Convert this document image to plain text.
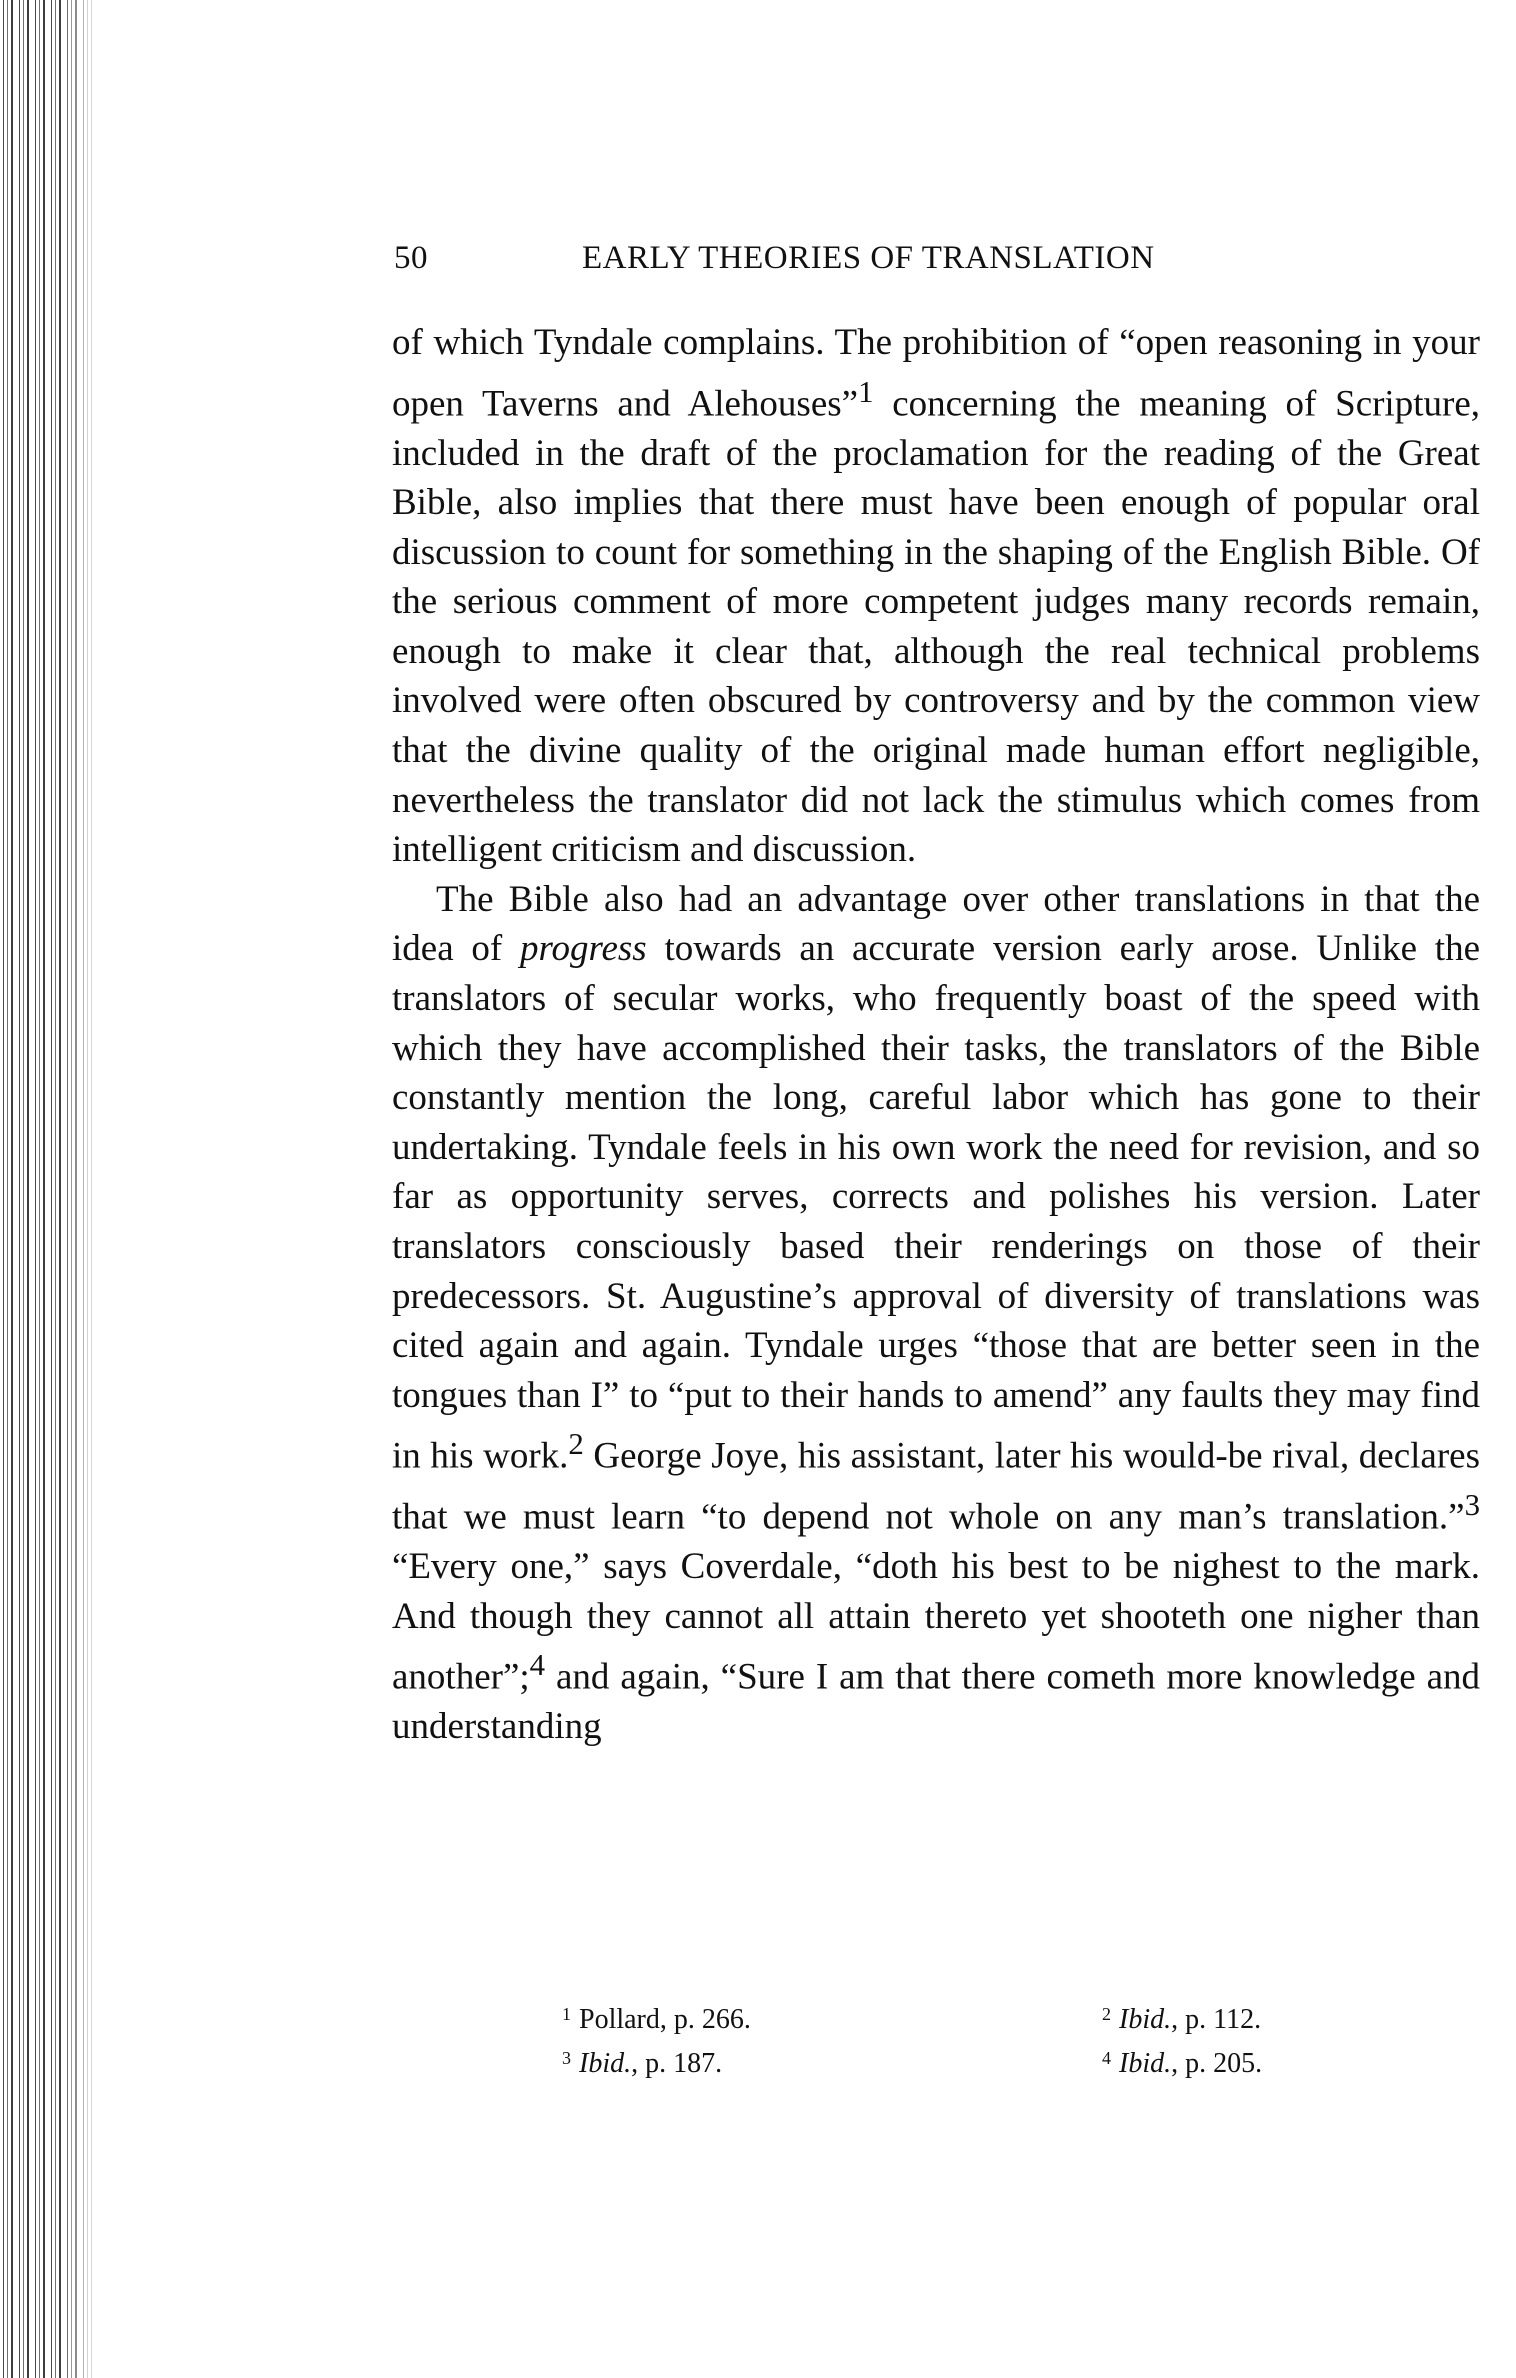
50	EARLY THEORIES OF TRANSLATION

of which Tyndale complains. The prohibition of “open reasoning in your open Taverns and Alehouses”$^1$ concerning the meaning of Scripture, included in the draft of the proclamation for the reading of the Great Bible, also implies that there must have been enough of popular oral discussion to count for something in the shaping of the English Bible. Of the serious comment of more competent judges many records remain, enough to make it clear that, although the real technical problems involved were often obscured by controversy and by the common view that the divine quality of the original made human effort negligible, nevertheless the translator did not lack the stimulus which comes from intelligent criticism and discussion.

The Bible also had an advantage over other translations in that the idea of progress towards an accurate version early arose. Unlike the translators of secular works, who frequently boast of the speed with which they have accomplished their tasks, the translators of the Bible constantly mention the long, careful labor which has gone to their undertaking. Tyndale feels in his own work the need for revision, and so far as opportunity serves, corrects and polishes his version. Later translators consciously based their renderings on those of their predecessors. St. Augustine’s approval of diversity of translations was cited again and again. Tyndale urges “those that are better seen in the tongues than I” to “put to their hands to amend” any faults they may find in his work.$^2$ George Joye, his assistant, later his would-be rival, declares that we must learn “to depend not whole on any man’s translation.”$^3$ “Every one,” says Coverdale, “doth his best to be nighest to the mark. And though they cannot all attain thereto yet shooteth one nigher than another”;$^4$ and again, “Sure I am that there cometh more knowledge and understanding

$^1$ Pollard, p. 266.	$^2$ Ibid., p. 112.
$^3$ Ibid., p. 187.	$^4$ Ibid., p. 205.
